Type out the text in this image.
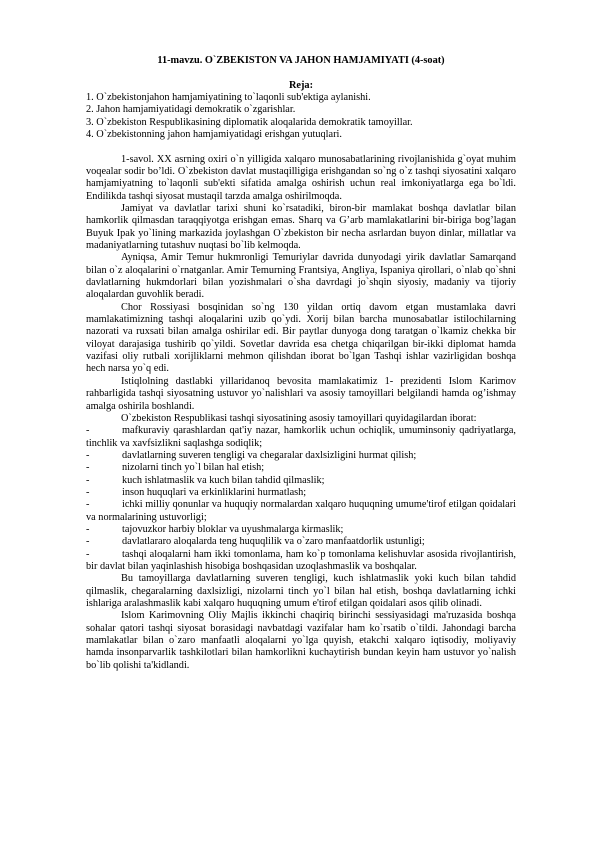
11-mavzu. O`ZBEKISTON VA JAHON HAMJAMIYATI (4-soat)

Reja:

1. O`zbekistonjahon hamjamiyatining to`laqonli sub'ektiga aylanishi.
2. Jahon hamjamiyatidagi demokratik o`zgarishlar.
3. O`zbekiston Respublikasining diplomatik aloqalarida demokratik tamoyillar.
4. O`zbekistonning jahon hamjamiyatidagi erishgan yutuqlari.

1-savol. XX asrning oxiri o`n yilligida xalqaro munosabatlarining rivojlanishida g`oyat muhim voqealar sodir bo’ldi. O`zbekiston davlat mustaqilligiga erishgandan so`ng o`z tashqi siyosatini xalqaro hamjamiyatning to`laqonli sub'ekti sifatida amalga oshirish uchun real imkoniyatlarga ega bo`ldi. Endilikda tashqi siyosat mustaqil tarzda amalga oshirilmoqda.

Jamiyat va davlatlar tarixi shuni ko`rsatadiki, biron-bir mamlakat boshqa davlatlar bilan hamkorlik qilmasdan taraqqiyotga erishgan emas. Sharq va G’arb mamlakatlarini bir-biriga bog’lagan Buyuk Ipak yo`lining markazida joylashgan O`zbekiston bir necha asrlardan buyon dinlar, millatlar va madaniyatlarning tutashuv nuqtasi bo`lib kelmoqda.

Ayniqsa, Amir Temur hukmronligi Temuriylar davrida dunyodagi yirik davlatlar Samarqand bilan o`z aloqalarini o`rnatganlar. Amir Temurning Frantsiya, Angliya, Ispaniya qirollari, o`nlab qo`shni davlatlarning hukmdorlari bilan yozishmalari o`sha davrdagi jo`shqin siyosiy, madaniy va tijoriy aloqalardan guvohlik beradi.

Chor Rossiyasi bosqinidan so`ng 130 yildan ortiq davom etgan mustamlaka davri mamlakatimizning tashqi aloqalarini uzib qo`ydi. Xorij bilan barcha munosabatlar istilochilarning nazorati va ruxsati bilan amalga oshirilar edi. Bir paytlar dunyoga dong taratgan o`lkamiz chekka bir viloyat darajasiga tushirib qo`yildi. Sovetlar davrida esa chetga chiqarilgan bir-ikki diplomat hamda vazifasi oliy rutbali xorijliklarni mehmon qilishdan iborat bo`lgan Tashqi ishlar vazirligidan boshqa hech narsa yo`q edi.

Istiqlolning dastlabki yillaridanoq bevosita mamlakatimiz 1- prezidenti Islom Karimov rahbarligida tashqi siyosatning ustuvor yo`nalishlari va asosiy tamoyillari belgilandi hamda og’ishmay amalga oshirila boshlandi.

O`zbekiston Respublikasi tashqi siyosatining asosiy tamoyillari quyidagilardan iborat:

-	mafkuraviy qarashlardan qat'iy nazar, hamkorlik uchun ochiqlik, umuminsoniy qadriyatlarga, tinchlik va xavfsizlikni saqlashga sodiqlik;

-	davlatlarning suveren tengligi va chegaralar daxlsizligini hurmat qilish;

-	nizolarni tinch yo`l bilan hal etish;

-	kuch ishlatmaslik va kuch bilan tahdid qilmaslik;

-	inson huquqlari va erkinliklarini hurmatlash;

-	ichki milliy qonunlar va huquqiy normalardan xalqaro huquqning umume'tirof etilgan qoidalari va normalarining ustuvorligi;

-	tajovuzkor harbiy bloklar va uyushmalarga kirmaslik;

-	davlatlararo aloqalarda teng huquqlilik va o`zaro manfaatdorlik ustunligi;

-	tashqi aloqalarni ham ikki tomonlama, ham ko`p tomonlama kelishuvlar asosida rivojlantirish, bir davlat bilan yaqinlashish hisobiga boshqasidan uzoqlashmaslik va boshqalar.

Bu tamoyillarga davlatlarning suveren tengligi, kuch ishlatmaslik yoki kuch bilan tahdid qilmaslik, chegaralarning daxlsizligi, nizolarni tinch yo`l bilan hal etish, boshqa davlatlarning ichki ishlariga aralashmaslik kabi xalqaro huquqning umum e'tirof etilgan qoidalari asos qilib olinadi.

Islom Karimovning Oliy Majlis ikkinchi chaqiriq birinchi sessiyasidagi ma'ruzasida boshqa sohalar qatori tashqi siyosat borasidagi navbatdagi vazifalar ham ko`rsatib o`tildi. Jahondagi barcha mamlakatlar bilan o`zaro manfaatli aloqalarni yo`lga quyish, etakchi xalqaro iqtisodiy, moliyaviy hamda insonparvarlik tashkilotlari bilan hamkorlikni kuchaytirish bundan keyin ham ustuvor yo`nalish bo`lib qolishi ta'kidlandi.
